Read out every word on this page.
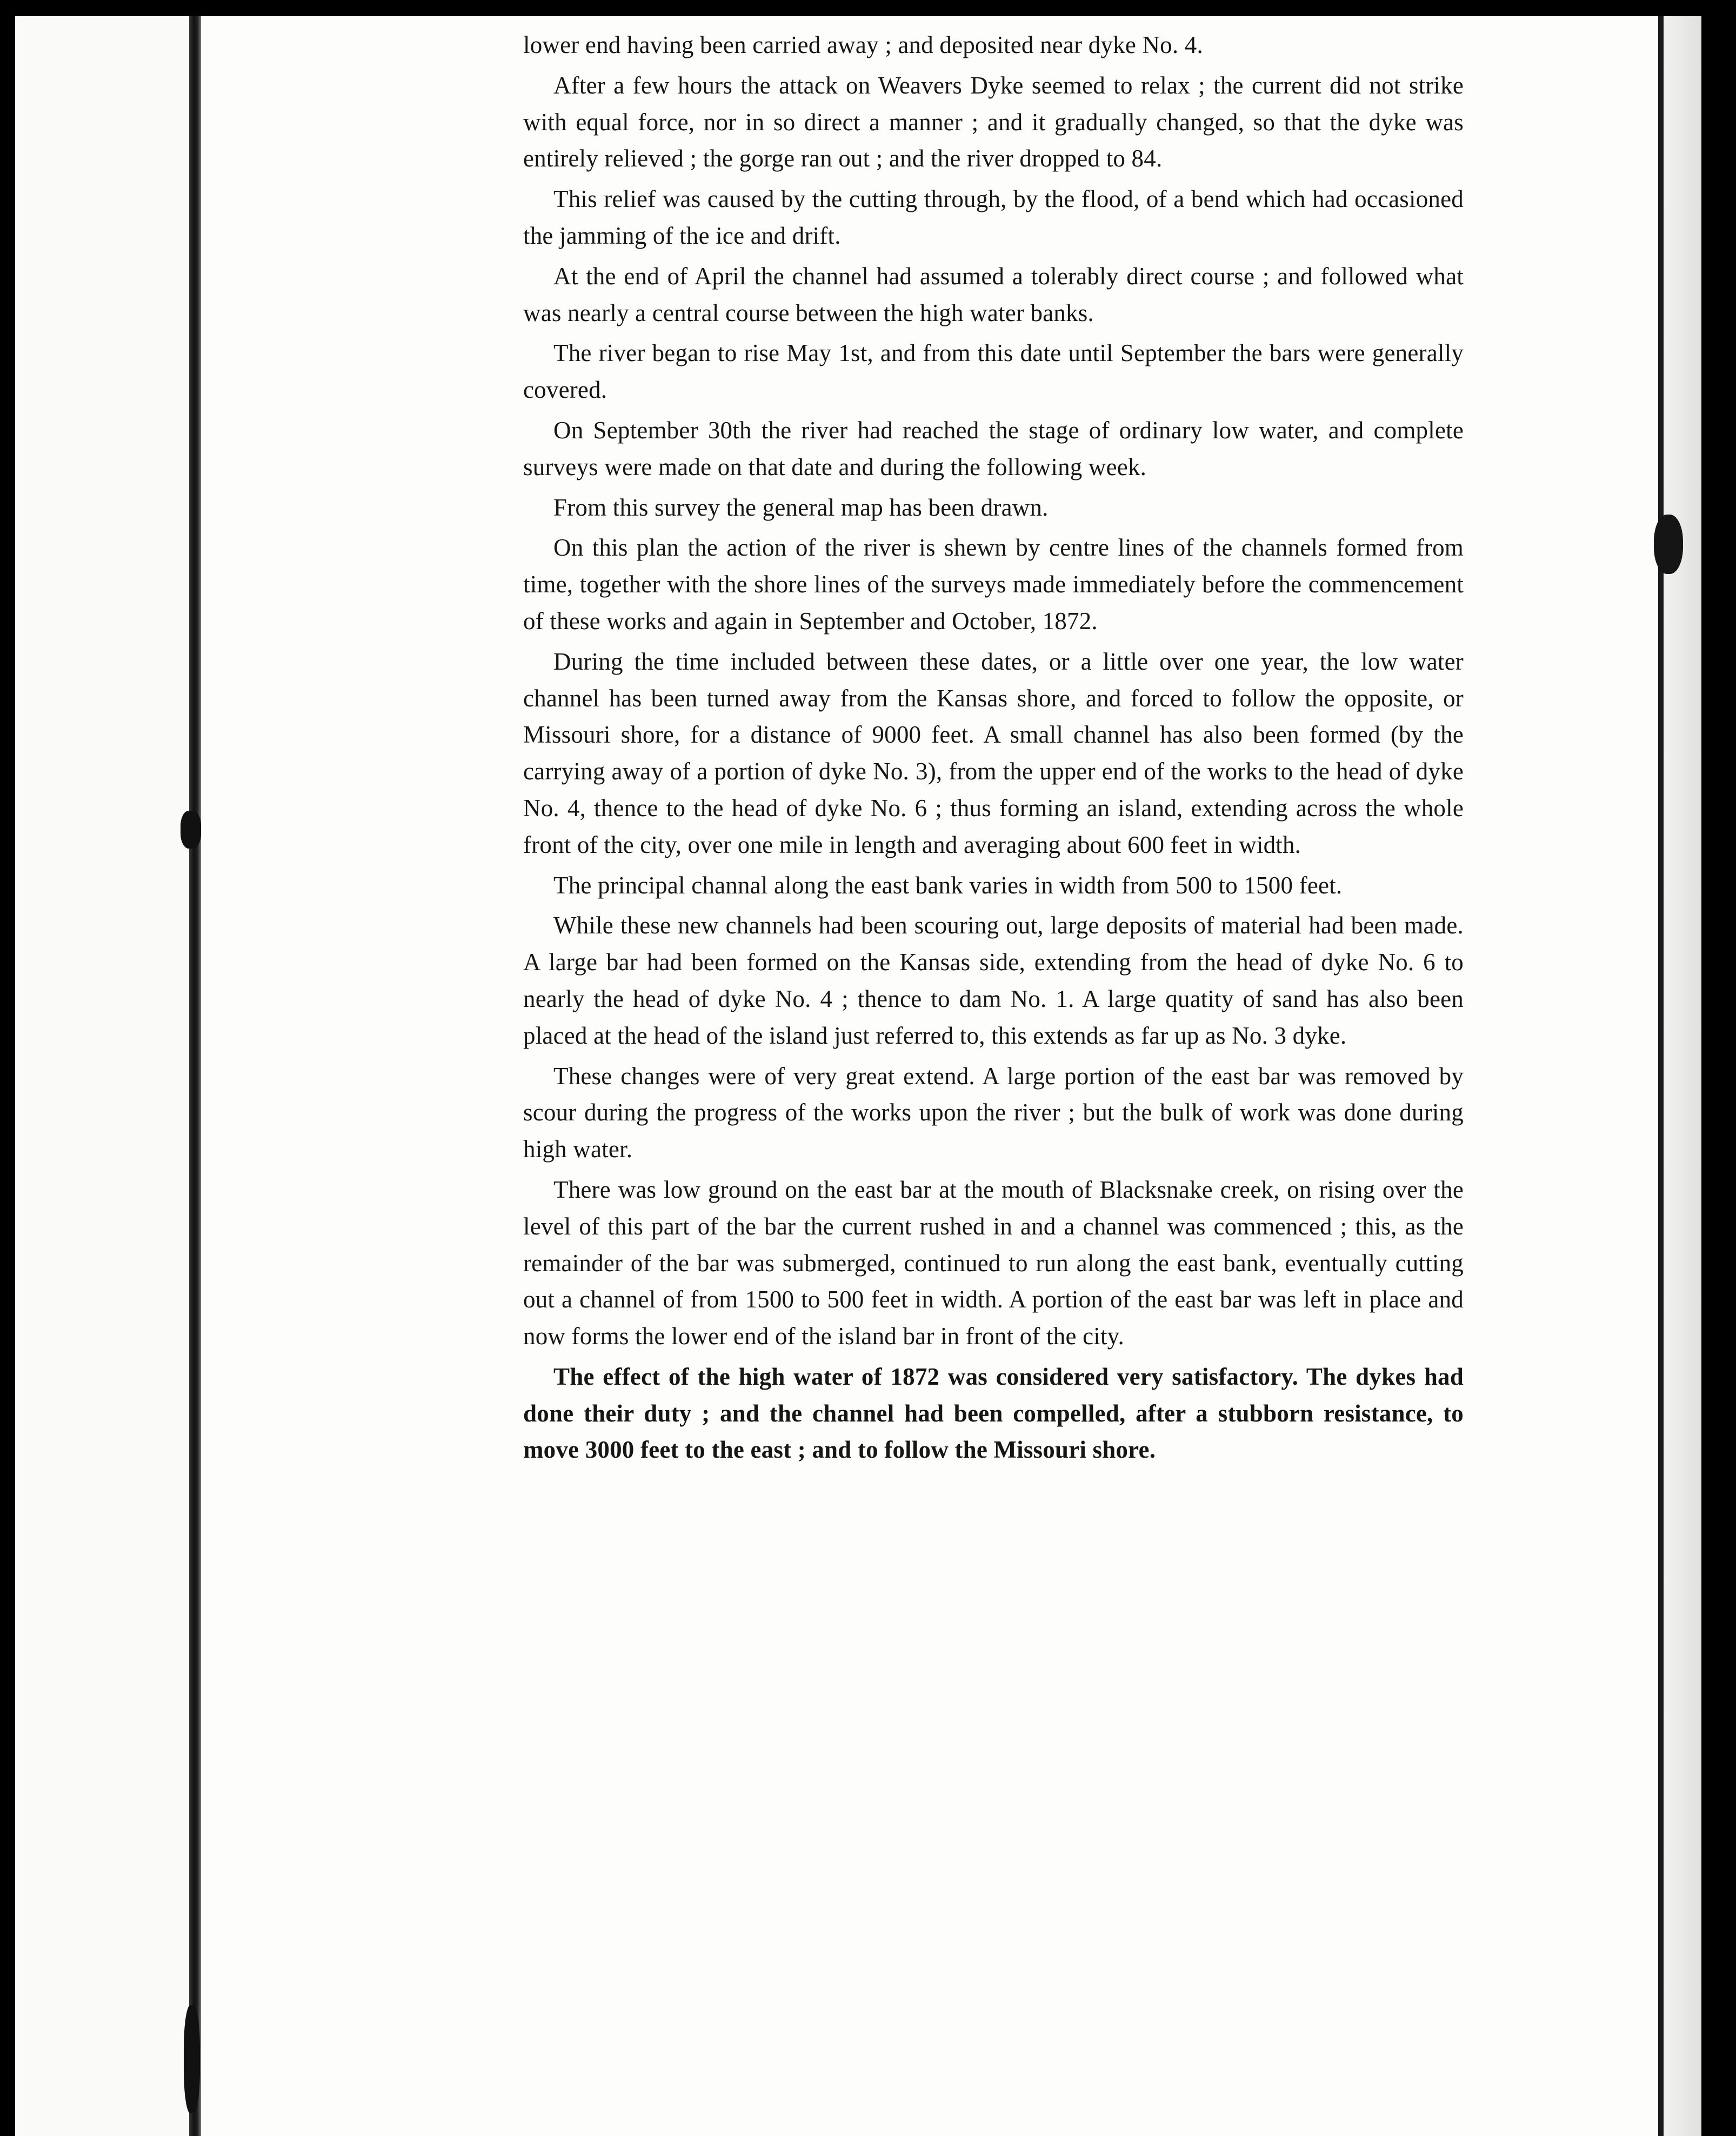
lower end having been carried away ; and deposited near dyke No. 4.

After a few hours the attack on Weavers Dyke seemed to relax ; the current did not strike with equal force, nor in so direct a manner ; and it gradually changed, so that the dyke was entirely relieved ; the gorge ran out ; and the river dropped to 84.

This relief was caused by the cutting through, by the flood, of a bend which had occasioned the jamming of the ice and drift.

At the end of April the channel had assumed a tolerably direct course ; and followed what was nearly a central course between the high water banks.

The river began to rise May 1st, and from this date until September the bars were generally covered.

On September 30th the river had reached the stage of ordinary low water, and complete surveys were made on that date and during the following week.

From this survey the general map has been drawn.

On this plan the action of the river is shewn by centre lines of the channels formed from time, together with the shore lines of the surveys made immediately before the commencement of these works and again in September and October, 1872.

During the time included between these dates, or a little over one year, the low water channel has been turned away from the Kansas shore, and forced to follow the opposite, or Missouri shore, for a distance of 9000 feet. A small channel has also been formed (by the carrying away of a portion of dyke No. 3), from the upper end of the works to the head of dyke No. 4, thence to the head of dyke No. 6 ; thus forming an island, extending across the whole front of the city, over one mile in length and averaging about 600 feet in width.

The principal channal along the east bank varies in width from 500 to 1500 feet.

While these new channels had been scouring out, large deposits of material had been made. A large bar had been formed on the Kansas side, extending from the head of dyke No. 6 to nearly the head of dyke No. 4 ; thence to dam No. 1. A large quatity of sand has also been placed at the head of the island just referred to, this extends as far up as No. 3 dyke.

These changes were of very great extend. A large portion of the east bar was removed by scour during the progress of the works upon the river ; but the bulk of work was done during high water.

There was low ground on the east bar at the mouth of Blacksnake creek, on rising over the level of this part of the bar the current rushed in and a channel was commenced ; this, as the remainder of the bar was submerged, continued to run along the east bank, eventually cutting out a channel of from 1500 to 500 feet in width. A portion of the east bar was left in place and now forms the lower end of the island bar in front of the city.

The effect of the high water of 1872 was considered very satisfactory. The dykes had done their duty ; and the channel had been compelled, after a stubborn resistance, to move 3000 feet to the east ; and to follow the Missouri shore.
